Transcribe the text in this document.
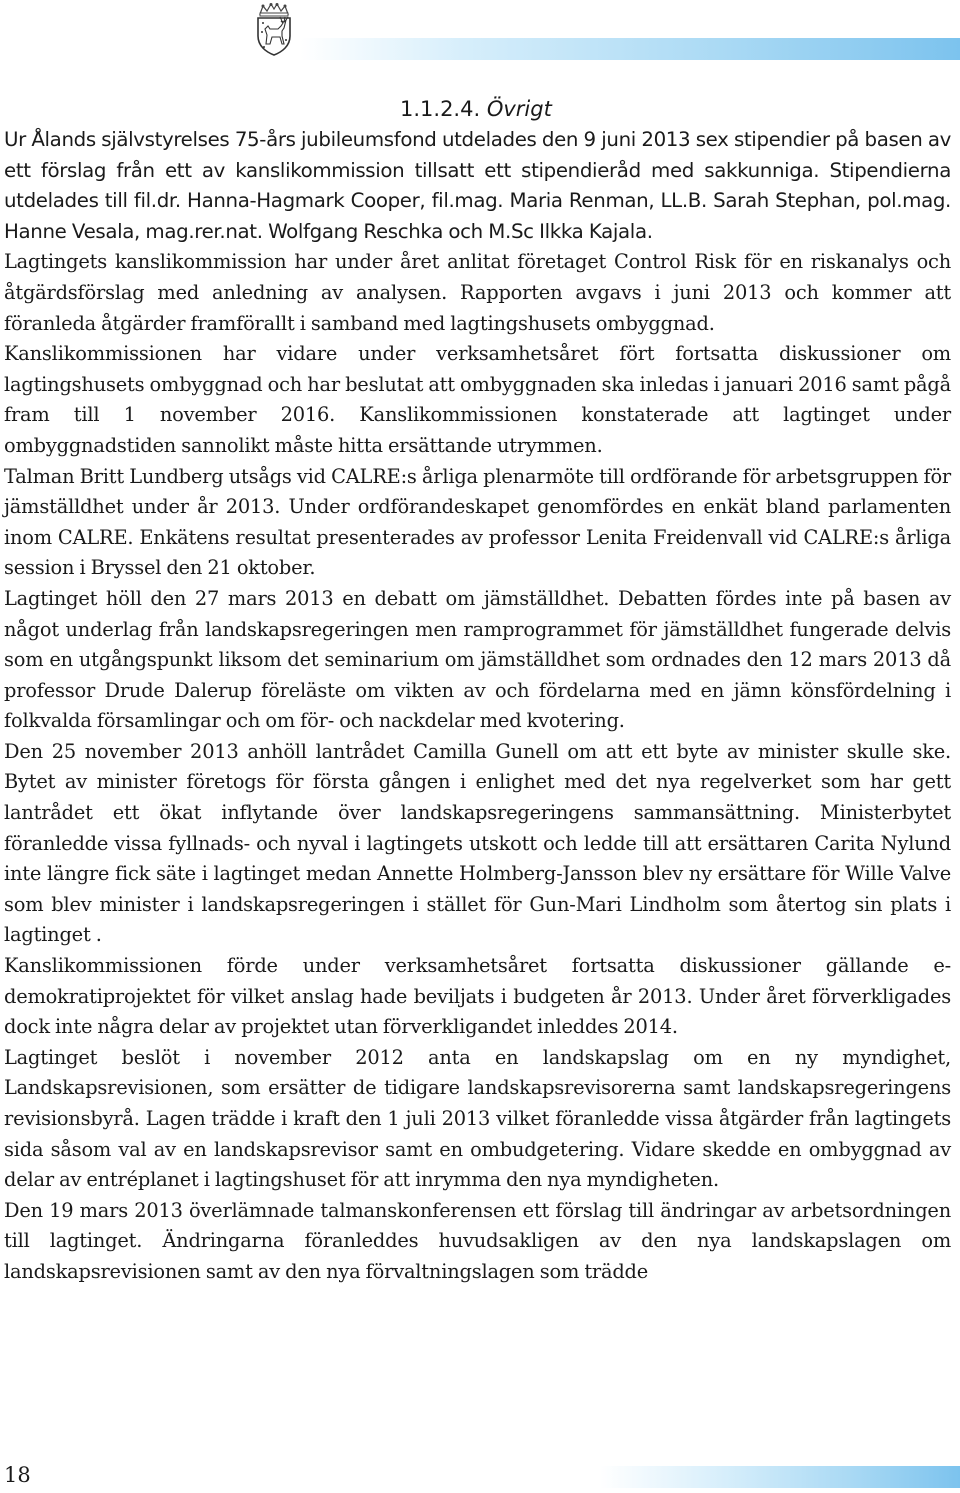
1.1.2.4. Övrigt

Ur Ålands självstyrelses 75-års jubileumsfond utdelades den 9 juni 2013 sex stipendier på basen av ett förslag från ett av kanslikommission tillsatt ett stipendieråd med sakkunniga. Stipendierna utdelades till fil.dr. Hanna-Hagmark Cooper, fil.mag. Maria Renman, LL.B. Sarah Stephan, pol.mag. Hanne Vesala, mag.rer.nat. Wolfgang Reschka och M.Sc Ilkka Kajala.

Lagtingets kanslikommission har under året anlitat företaget Control Risk för en riskanalys och åtgärdsförslag med anledning av analysen. Rapporten avgavs i juni 2013 och kommer att föranleda åtgärder framförallt i samband med lagtingshusets ombyggnad.

Kanslikommissionen har vidare under verksamhetsåret fört fortsatta diskussioner om lagtingshusets ombyggnad och har beslutat att ombyggnaden ska inledas i januari 2016 samt pågå fram till 1 november 2016. Kanslikommissionen konstaterade att lagtinget under ombyggnadstiden sannolikt måste hitta ersättande utrymmen.

Talman Britt Lundberg utsågs vid CALRE:s årliga plenarmöte till ordförande för arbetsgruppen för jämställdhet under år 2013. Under ordförandeskapet genomfördes en enkät bland parlamenten inom CALRE. Enkätens resultat presenterades av professor Lenita Freidenvall vid CALRE:s årliga session i Bryssel den 21 oktober.

Lagtinget höll den 27 mars 2013 en debatt om jämställdhet. Debatten fördes inte på basen av något underlag från landskapsregeringen men ramprogrammet för jämställdhet fungerade delvis som en utgångspunkt liksom det seminarium om jämställdhet som ordnades den 12 mars 2013 då professor Drude Dalerup föreläste om vikten av och fördelarna med en jämn könsfördelning i folkvalda församlingar och om för- och nackdelar med kvotering.

Den 25 november 2013 anhöll lantrådet Camilla Gunell om att ett byte av minister skulle ske. Bytet av minister företogs för första gången i enlighet med det nya regelverket som har gett lantrådet ett ökat inflytande över landskapsregeringens sammansättning. Ministerbytet föranledde vissa fyllnads- och nyval i lagtingets utskott och ledde till att ersättaren Carita Nylund inte längre fick säte i lagtinget medan Annette Holmberg-Jansson blev ny ersättare för Wille Valve som blev minister i landskapsregeringen i stället för Gun-Mari Lindholm som återtog sin plats i lagtinget .

Kanslikommissionen förde under verksamhetsåret fortsatta diskussioner gällande e-demokratiprojektet för vilket anslag hade beviljats i budgeten år 2013. Under året förverkligades dock inte några delar av projektet utan förverkligandet inleddes 2014.

Lagtinget beslöt i november 2012 anta en landskapslag om en ny myndighet, Landskapsrevisionen, som ersätter de tidigare landskapsrevisorerna samt landskapsregeringens revisionsbyrå. Lagen trädde i kraft den 1 juli 2013 vilket föranledde vissa åtgärder från lagtingets sida såsom val av en landskapsrevisor samt en ombudgetering. Vidare skedde en ombyggnad av delar av entréplanet i lagtingshuset för att inrymma den nya myndigheten.

Den 19 mars 2013 överlämnade talmanskonferensen ett förslag till ändringar av arbetsordningen till lagtinget. Ändringarna föranleddes huvudsakligen av den nya landskapslagen om landskapsrevisionen samt av den nya förvaltningslagen som trädde

18
